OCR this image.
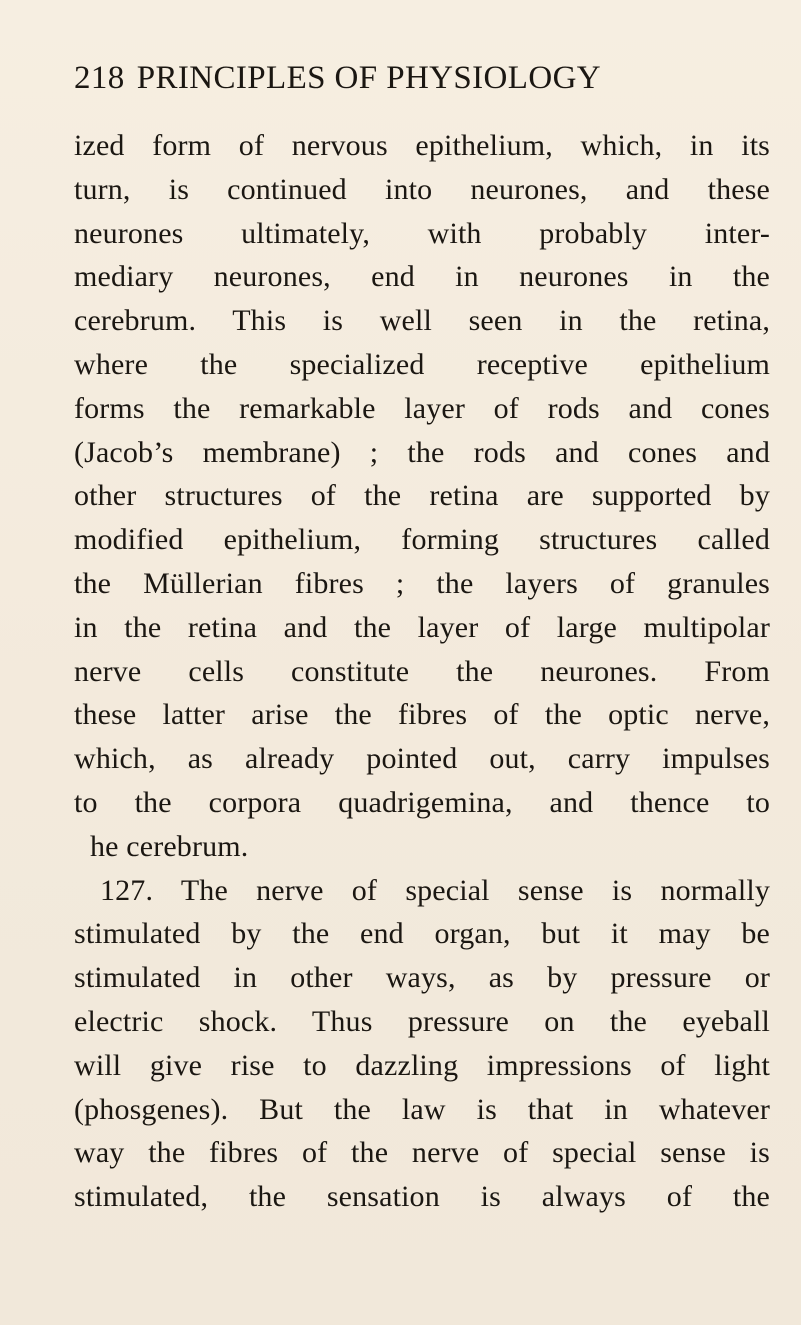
218 PRINCIPLES OF PHYSIOLOGY
ized form of nervous epithelium, which, in its
turn, is continued into neurones, and these
neurones ultimately, with probably inter-
mediary neurones, end in neurones in the
cerebrum. This is well seen in the retina,
where the specialized receptive epithelium
forms the remarkable layer of rods and cones
(Jacob’s membrane) ; the rods and cones and
other structures of the retina are supported by
modified epithelium, forming structures called
the Müllerian fibres ; the layers of granules
in the retina and the layer of large multipolar
nerve cells constitute the neurones. From
these latter arise the fibres of the optic nerve,
which, as already pointed out, carry impulses
to the corpora quadrigemina, and thence to
he cerebrum.
127. The nerve of special sense is normally
stimulated by the end organ, but it may be
stimulated in other ways, as by pressure or
electric shock. Thus pressure on the eyeball
will give rise to dazzling impressions of light
(phosgenes). But the law is that in whatever
way the fibres of the nerve of special sense is
stimulated, the sensation is always of the
